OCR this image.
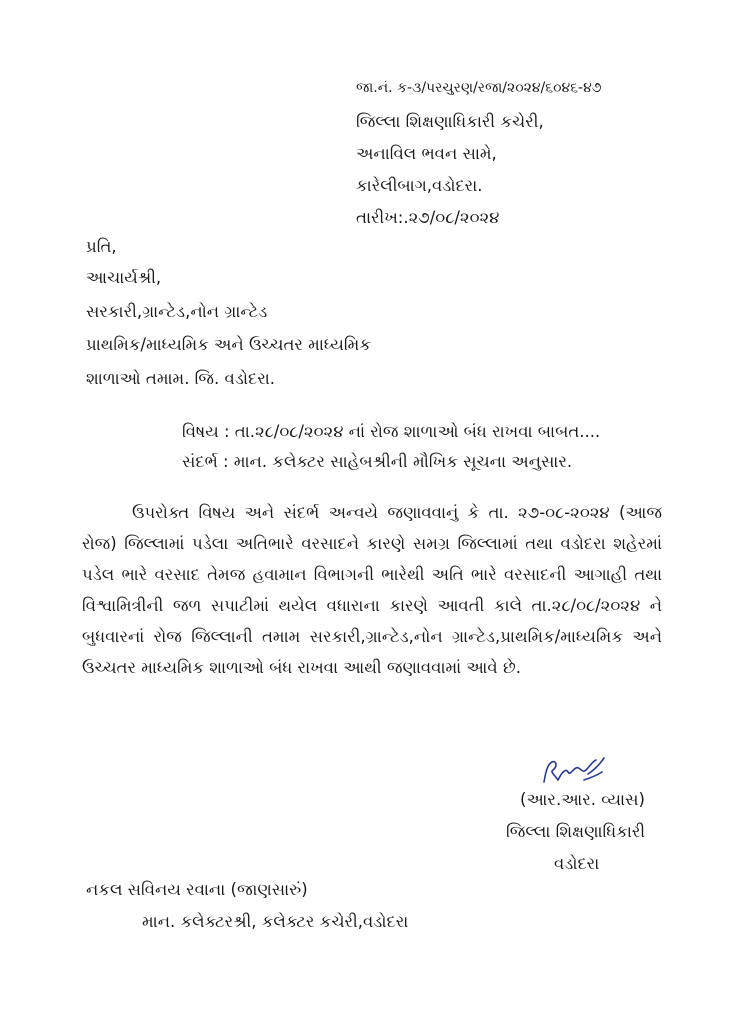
જા.નં. ક-૩/પરચુરણ/રજા/૨૦૨૪/૬૦૪૬-૪૭
જિલ્લા શિક્ષણાધિકારી કચેરી,
અનાવિલ ભવન સામે,
કારેલીબાગ,વડોદરા.
તારીખ:.૨૭/૦૮/૨૦૨૪
પ્રતિ,
આચાર્યશ્રી,
સરકારી,ગ્રાન્ટેડ,નોન ગ્રાન્ટેડ
પ્રાથમિક/માધ્યમિક અને ઉચ્ચતર માધ્યમિક
શાળાઓ તમામ. જિ. વડોદરા.
વિષય : તા.૨૮/૦૮/૨૦૨૪ નાં રોજ શાળાઓ બંધ રાખવા બાબત....
સંદર્ભ : માન. કલેક્ટર સાહેબશ્રીની મૌખિક સૂચના અનુસાર.

ઉપરોક્ત વિષય અને સંદર્ભ અન્વયે જણાવવાનું કે તા. ૨૭-૦૮-૨૦૨૪ (આજ રોજ) જિલ્લામાં પડેલા અતિભારે વરસાદને કારણે સમગ્ર જિલ્લામાં તથા વડોદરા શહેરમાં પડેલ ભારે વરસાદ તેમજ હવામાન વિભાગની ભારેથી અતિ ભારે વરસાદની આગાહી તથા વિશ્વામિત્રીની જળ સપાટીમાં થયેલ વધારાના કારણે આવતી કાલે તા.૨૮/૦૮/૨૦૨૪ ને બુધવારનાં રોજ જિલ્લાની તમામ સરકારી,ગ્રાન્ટેડ,નોન ગ્રાન્ટેડ,પ્રાથમિક/માધ્યમિક અને ઉચ્ચતર માધ્યમિક શાળાઓ બંધ રાખવા આથી જણાવવામાં આવે છે.

(આર.આર. વ્યાસ)
જિલ્લા શિક્ષણાધિકારી
વડોદરા
નકલ સવિનય રવાના (જાણસારું)
માન. કલેક્ટરશ્રી, કલેક્ટર કચેરી,વડોદરા
